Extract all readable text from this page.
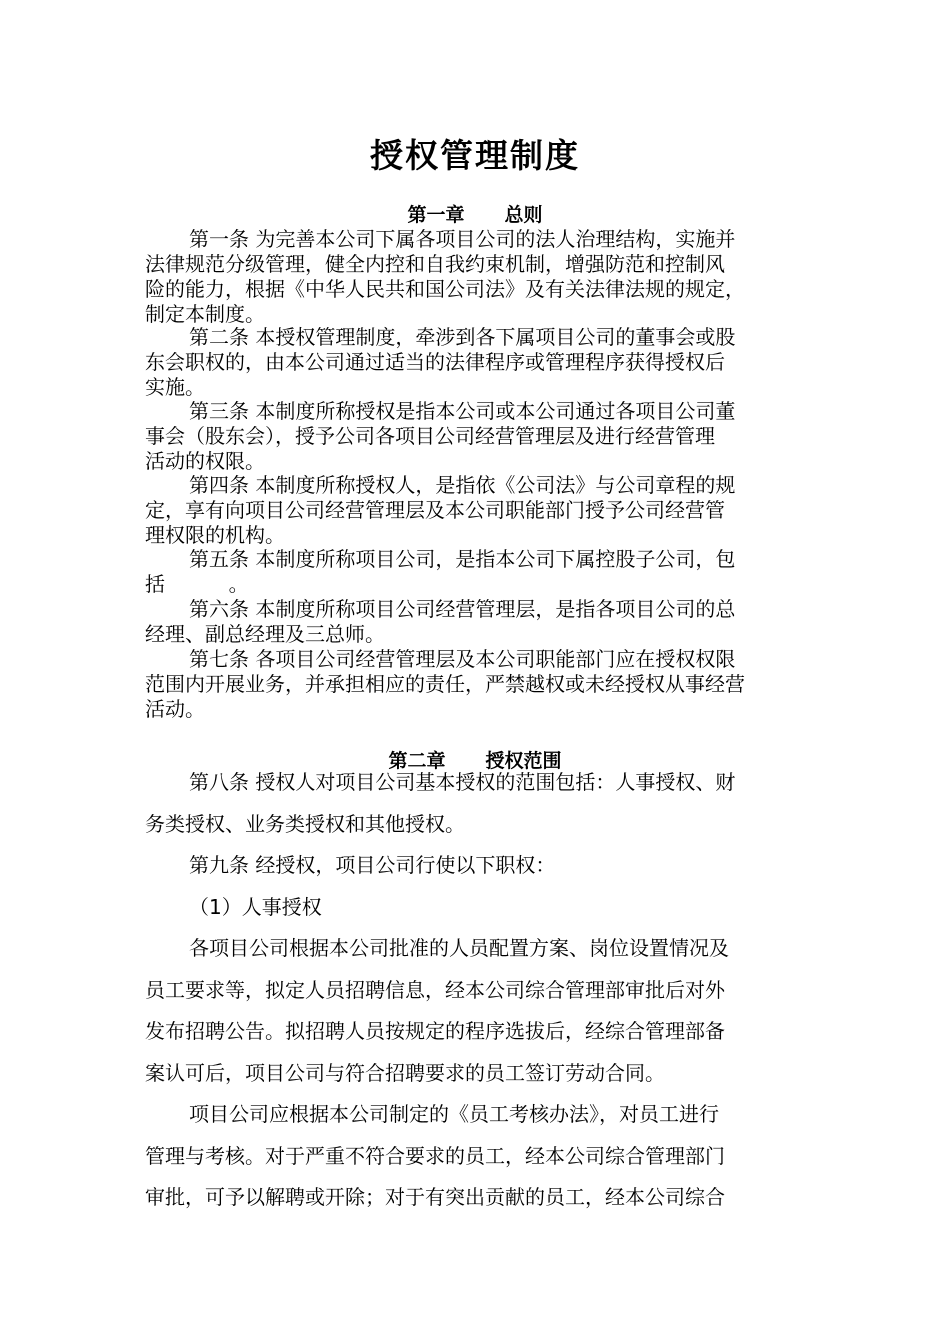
授权管理制度
第一章 总则
第一条 为完善本公司下属各项目公司的法人治理结构，实施并
法律规范分级管理，健全内控和自我约束机制，增强防范和控制风
险的能力，根据《中华人民共和国公司法》及有关法律法规的规定，
制定本制度。
第二条 本授权管理制度，牵涉到各下属项目公司的董事会或股
东会职权的，由本公司通过适当的法律程序或管理程序获得授权后
实施。
第三条 本制度所称授权是指本公司或本公司通过各项目公司董
事会（股东会），授予公司各项目公司经营管理层及进行经营管理
活动的权限。
第四条 本制度所称授权人，是指依《公司法》与公司章程的规
定，享有向项目公司经营管理层及本公司职能部门授予公司经营管
理权限的机构。
第五条 本制度所称项目公司，是指本公司下属控股子公司，包
括          。
第六条 本制度所称项目公司经营管理层，是指各项目公司的总
经理、副总经理及三总师。
第七条 各项目公司经营管理层及本公司职能部门应在授权权限
范围内开展业务，并承担相应的责任，严禁越权或未经授权从事经营
活动。
第二章 授权范围
第八条 授权人对项目公司基本授权的范围包括：人事授权、财
务类授权、业务类授权和其他授权。
第九条 经授权，项目公司行使以下职权：
（1）人事授权
各项目公司根据本公司批准的人员配置方案、岗位设置情况及
员工要求等，拟定人员招聘信息，经本公司综合管理部审批后对外
发布招聘公告。拟招聘人员按规定的程序选拔后，经综合管理部备
案认可后，项目公司与符合招聘要求的员工签订劳动合同。
项目公司应根据本公司制定的《员工考核办法》，对员工进行
管理与考核。对于严重不符合要求的员工，经本公司综合管理部门
审批，可予以解聘或开除；对于有突出贡献的员工，经本公司综合
